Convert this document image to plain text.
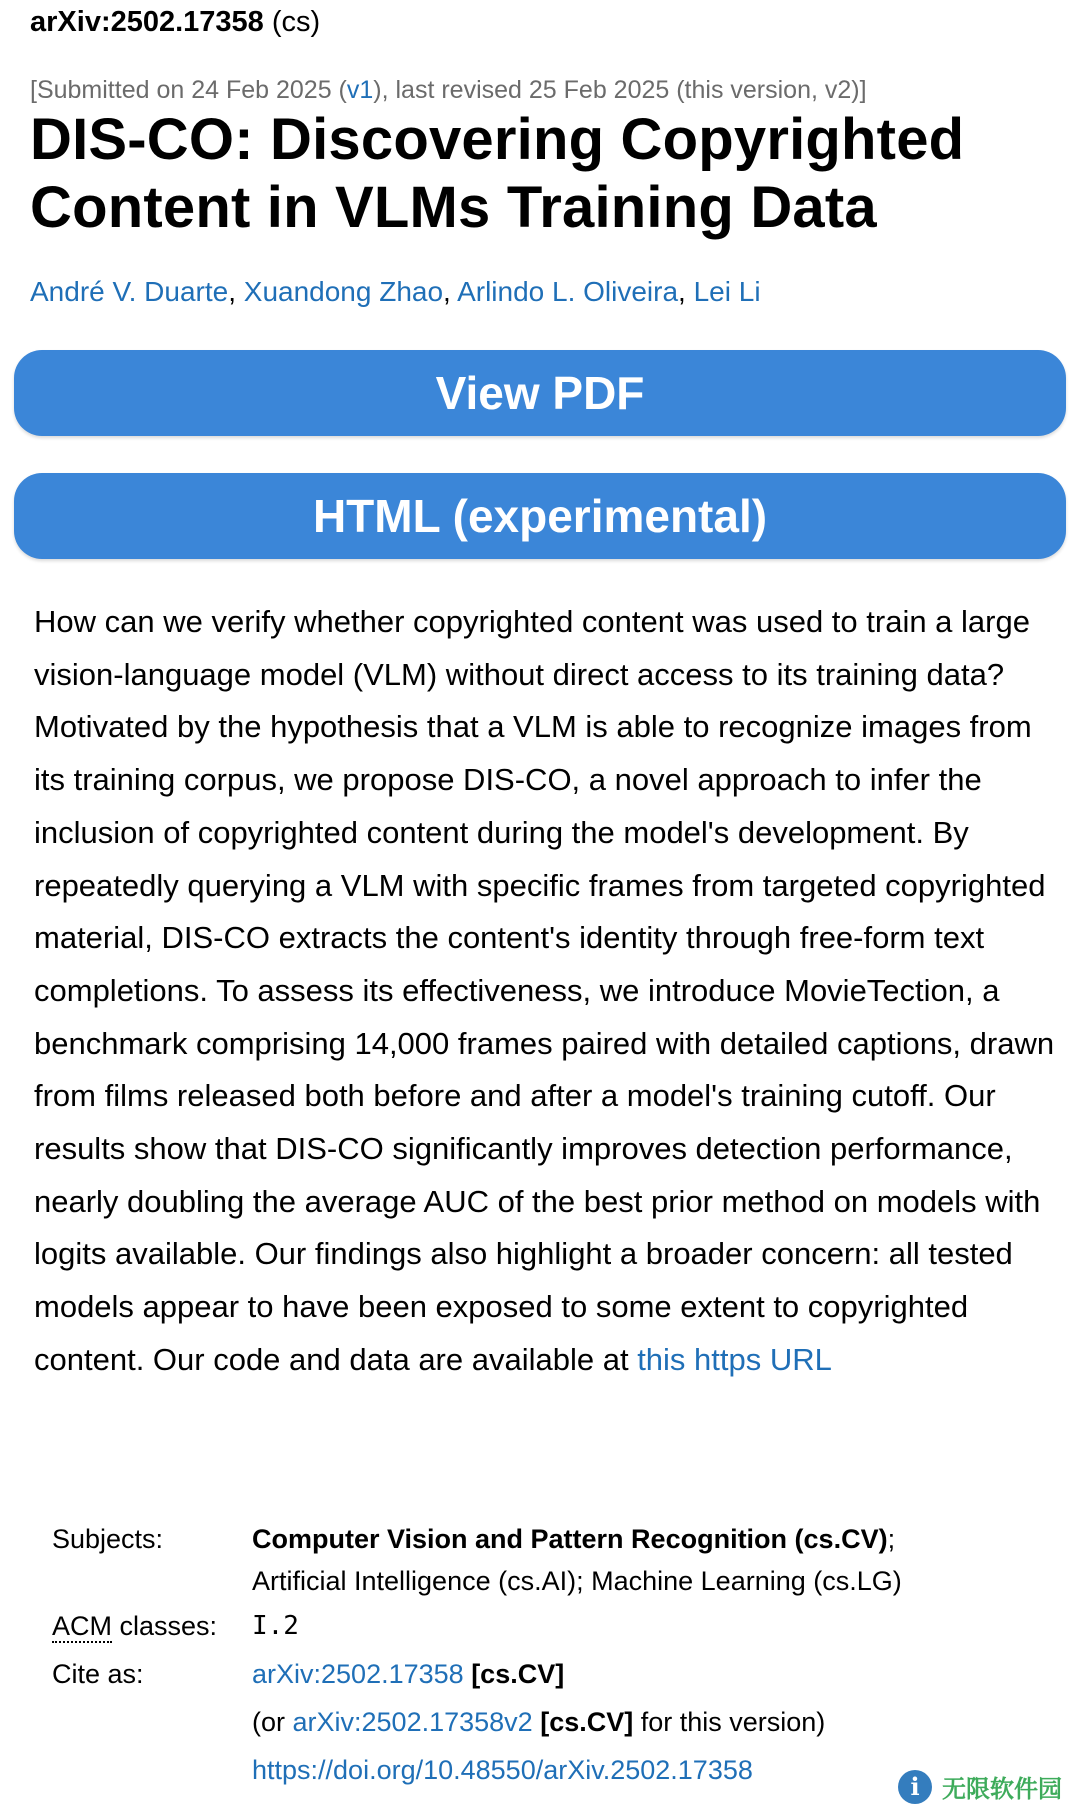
arXiv:2502.17358 (cs)
[Submitted on 24 Feb 2025 (v1), last revised 25 Feb 2025 (this version, v2)]
DIS-CO: Discovering Copyrighted Content in VLMs Training Data
André V. Duarte, Xuandong Zhao, Arlindo L. Oliveira, Lei Li
View PDF
HTML (experimental)
How can we verify whether copyrighted content was used to train a large vision-language model (VLM) without direct access to its training data? Motivated by the hypothesis that a VLM is able to recognize images from its training corpus, we propose DIS-CO, a novel approach to infer the inclusion of copyrighted content during the model's development. By repeatedly querying a VLM with specific frames from targeted copyrighted material, DIS-CO extracts the content's identity through free-form text completions. To assess its effectiveness, we introduce MovieTection, a benchmark comprising 14,000 frames paired with detailed captions, drawn from films released both before and after a model's training cutoff. Our results show that DIS-CO significantly improves detection performance, nearly doubling the average AUC of the best prior method on models with logits available. Our findings also highlight a broader concern: all tested models appear to have been exposed to some extent to copyrighted content. Our code and data are available at this https URL
Subjects:	Computer Vision and Pattern Recognition (cs.CV);
Artificial Intelligence (cs.AI); Machine Learning (cs.LG)
ACM classes:	I.2
Cite as:	arXiv:2502.17358 [cs.CV]
(or arXiv:2502.17358v2 [cs.CV] for this version)
https://doi.org/10.48550/arXiv.2502.17358
i 无限软件园
